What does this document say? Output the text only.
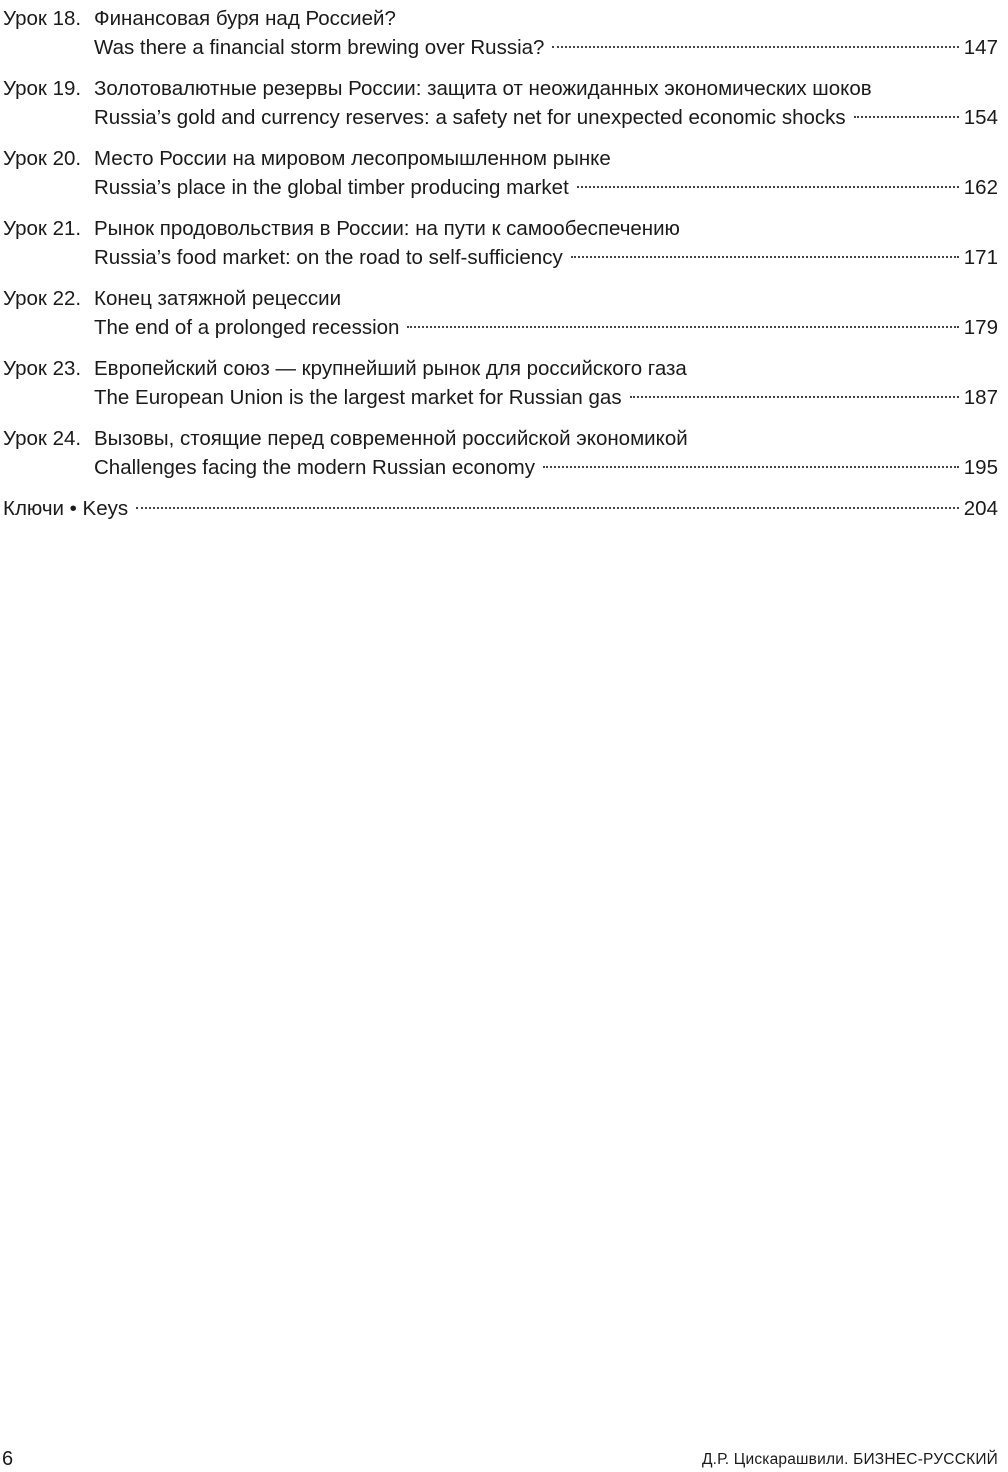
Урок 18. Финансовая буря над Россией?
Was there a financial storm brewing over Russia?	147
Урок 19. Золотовалютные резервы России: защита от неожиданных экономических шоков
Russia’s gold and currency reserves: a safety net for unexpected economic shocks	154
Урок 20. Место России на мировом лесопромышленном рынке
Russia’s place in the global timber producing market	162
Урок 21. Рынок продовольствия в России: на пути к самообеспечению
Russia’s food market: on the road to self-sufficiency	171
Урок 22. Конец затяжной рецессии
The end of a prolonged recession	179
Урок 23. Европейский союз — крупнейший рынок для российского газа
The European Union is the largest market for Russian gas	187
Урок 24. Вызовы, стоящие перед современной российской экономикой
Challenges facing the modern Russian economy	195
Ключи • Keys	204
6	Д.Р. Цискарашвили. БИЗНЕС-РУССКИЙ
